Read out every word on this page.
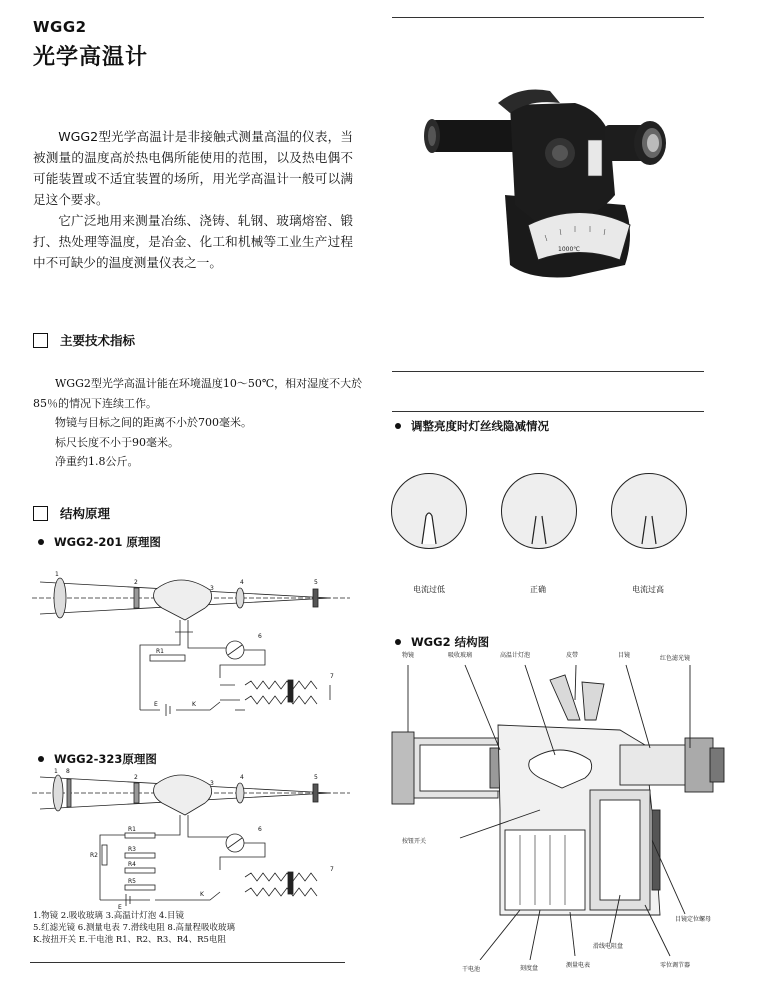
WGG2
光学高温计

WGG2型光学高温计是非接触式测量高温的仪表，当被测量的温度高於热电偶所能使用的范围，以及热电偶不可能装置或不适宜装置的场所，用光学高温计一般可以满足这个要求。

它广泛地用来测量冶练、浇铸、轧钢、玻璃熔窑、锻打、热处理等温度，是冶金、化工和机械等工业生产过程中不可缺少的温度测量仪表之一。

1000℃
主要技术指标

WGG2型光学高温计能在环境温度10～50℃，相对湿度不大於85％的情况下连续工作。

物镜与目标之间的距离不小於700毫米。

标尺长度不小于90毫米。

净重约1.8公斤。

结构原理
WGG2-201 原理图
1
2
3
4	5
6
7
R1
E	K
WGG2-323原理图
1 8
2
3
4	5
6
7
R1
R2
R3
R4
R5
E
K
1.物镜 2.吸收玻璃 3.高温计灯泡 4.目镜
5.红滤光镜 6.测量电表 7.滑线电阻 8.高量程吸收玻璃
K.按扭开关 E.干电池 R1、R2、R3、R4、R5电阻
调整亮度时灯丝线隐减情况
电流过低	正确	电流过高
WGG2 结构图
物镜	吸收玻璃	高温计灯泡	皮带	目镜	红色滤光镜
按钮开关
目镜定位螺母
滑线电阻盘
干电池	刻度盘	测量电表	零位调节器
